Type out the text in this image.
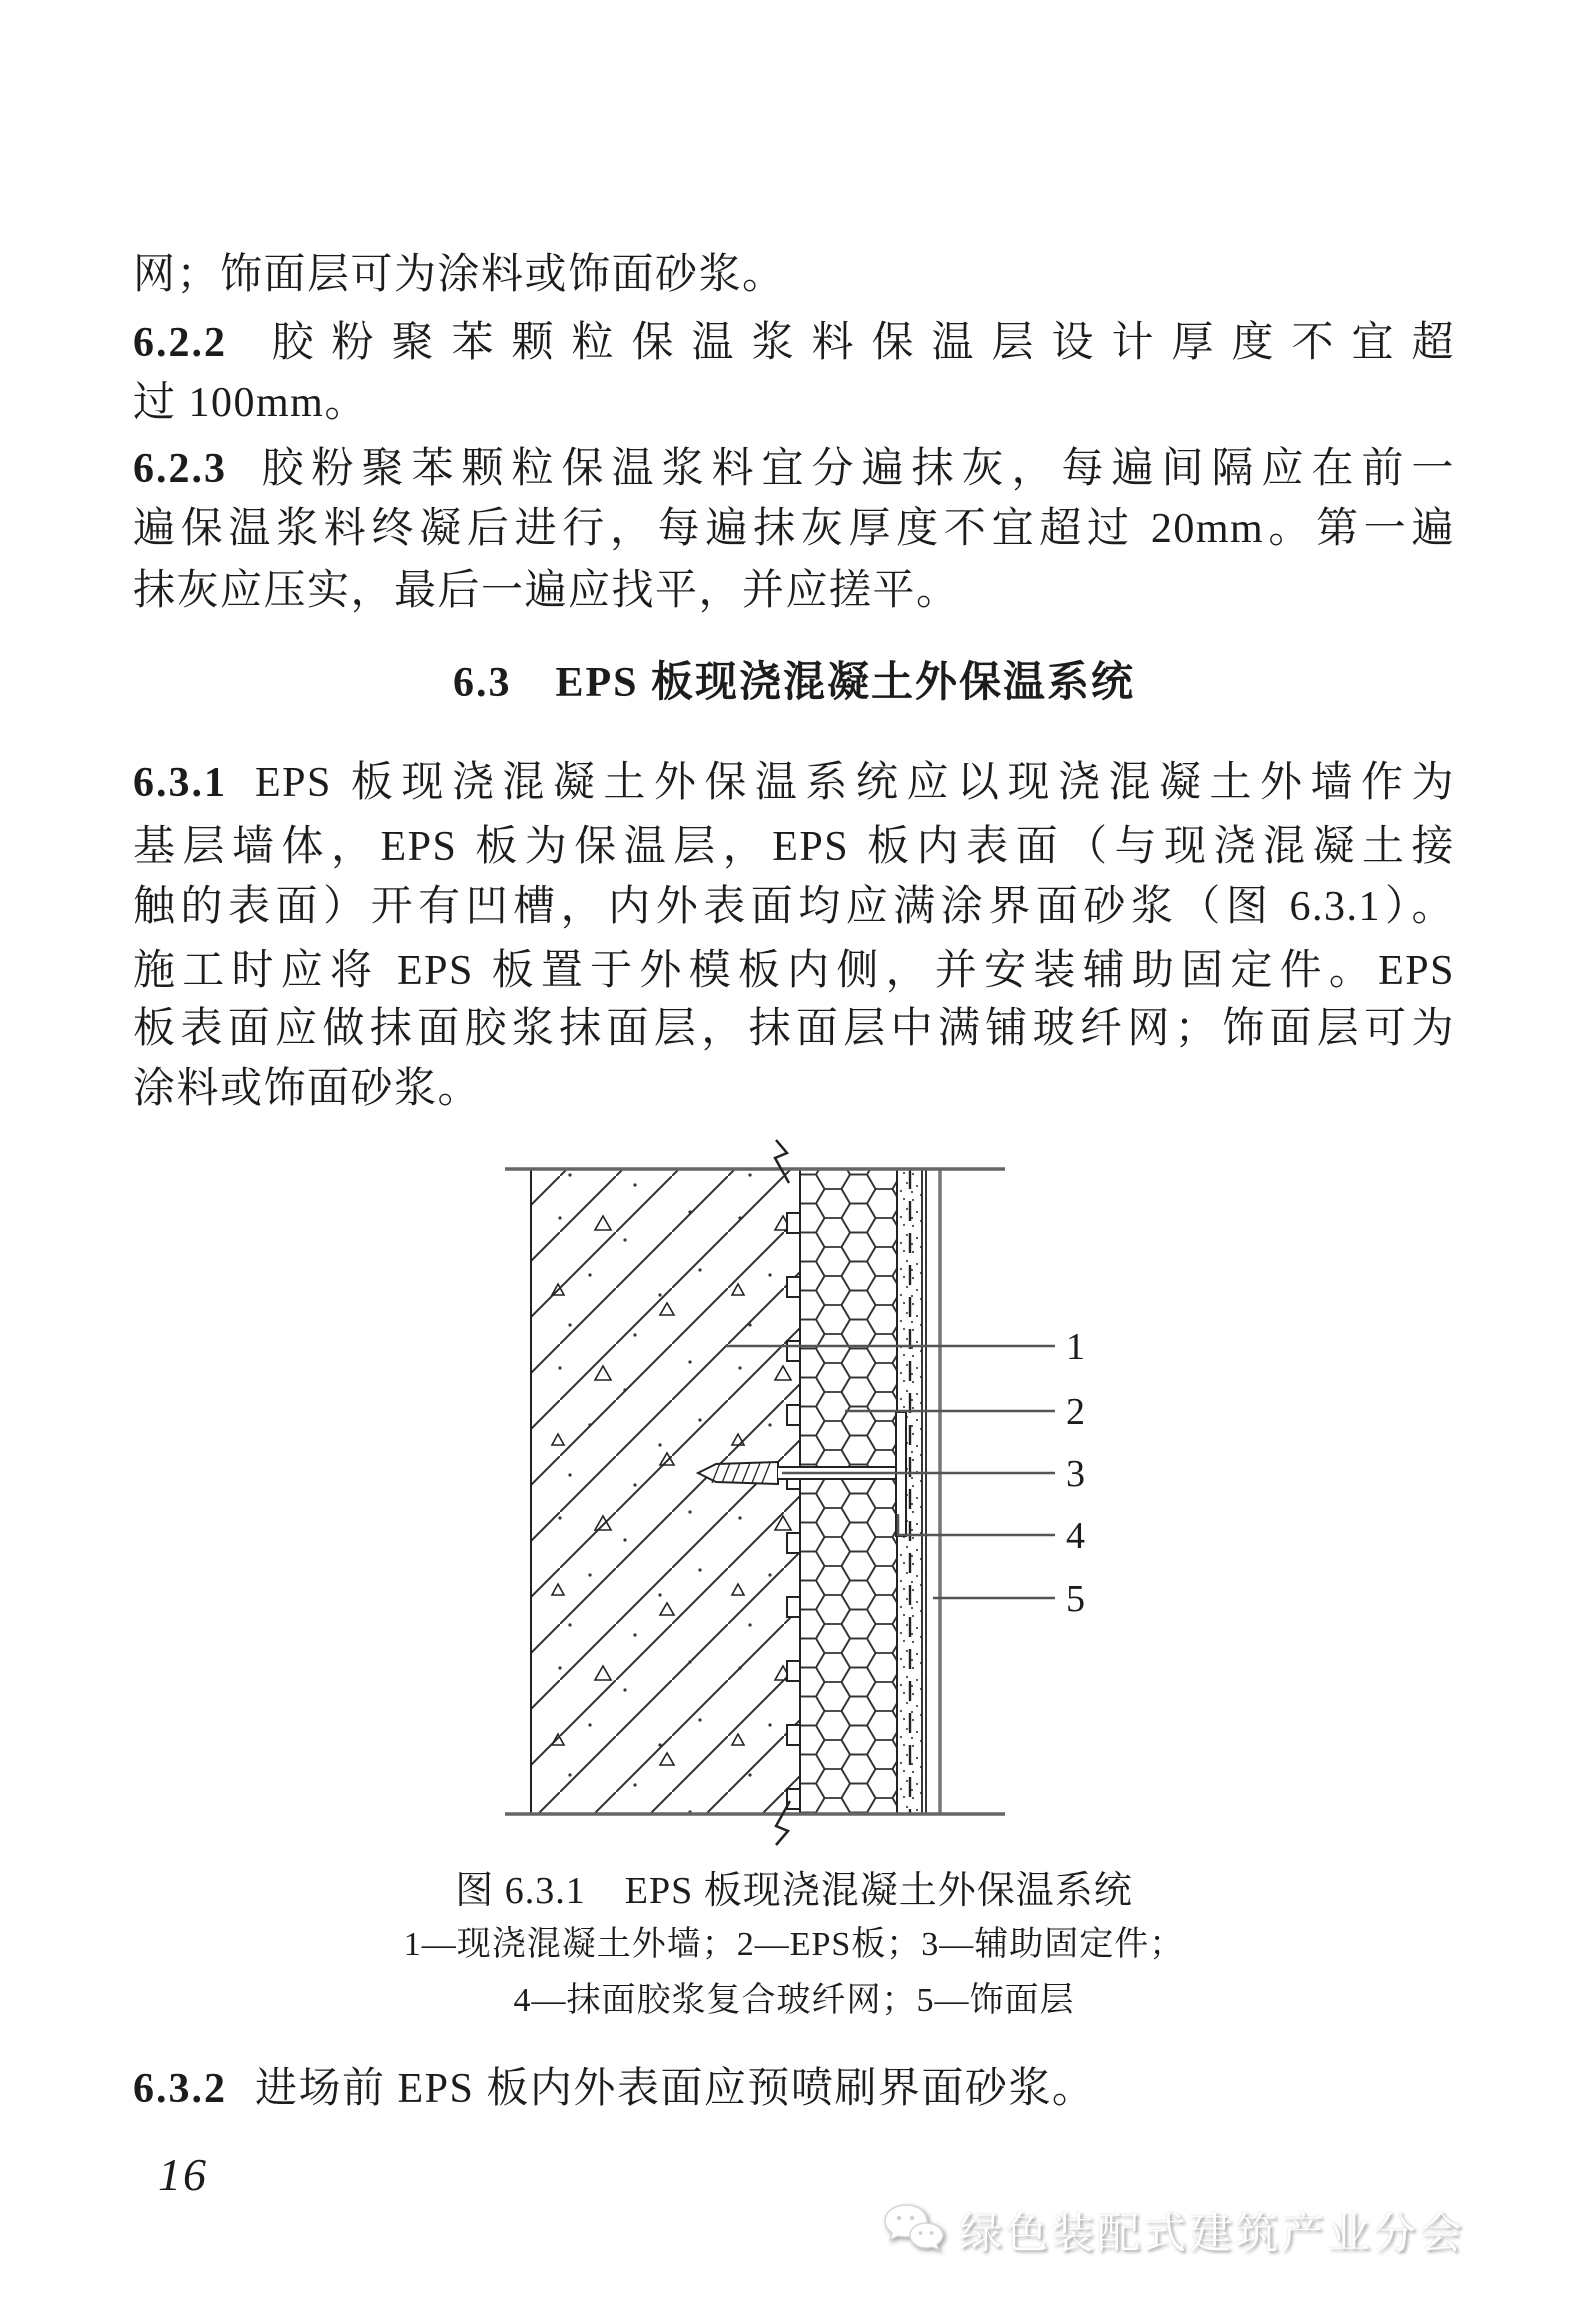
网；饰面层可为涂料或饰面砂浆。
6.2.2 胶粉聚苯颗粒保温浆料保温层设计厚度不宜超
过 100mm。
6.2.3 胶粉聚苯颗粒保温浆料宜分遍抹灰，每遍间隔应在前一
遍保温浆料终凝后进行，每遍抹灰厚度不宜超过 20mm。第一遍
抹灰应压实，最后一遍应找平，并应搓平。
6.3　EPS 板现浇混凝土外保温系统
6.3.1 EPS 板现浇混凝土外保温系统应以现浇混凝土外墙作为
基层墙体，EPS 板为保温层，EPS 板内表面（与现浇混凝土接
触的表面）开有凹槽，内外表面均应满涂界面砂浆（图 6.3.1）。
施工时应将 EPS 板置于外模板内侧，并安装辅助固定件。EPS
板表面应做抹面胶浆抹面层，抹面层中满铺玻纤网；饰面层可为
涂料或饰面砂浆。
1
2
3
4
5
图 6.3.1　EPS 板现浇混凝土外保温系统
1—现浇混凝土外墙；2—EPS板；3—辅助固定件；
4—抹面胶浆复合玻纤网；5—饰面层
6.3.2 进场前 EPS 板内外表面应预喷刷界面砂浆。
16
绿色装配式建筑产业分会
